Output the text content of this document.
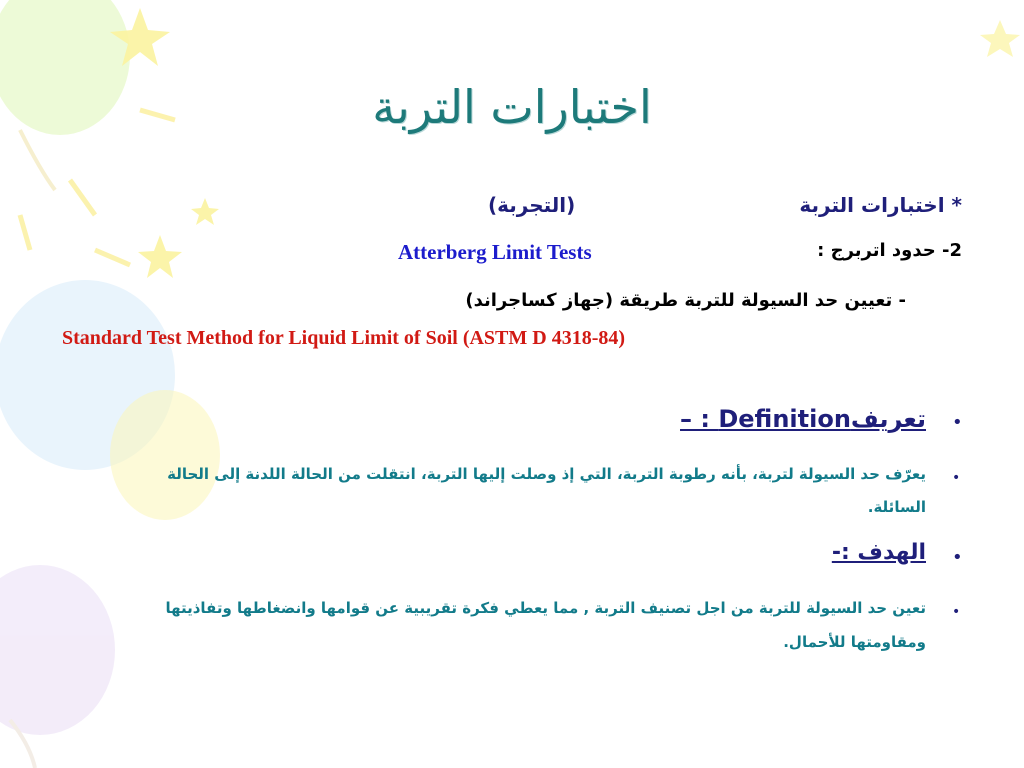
اختبارات التربة
* اختبارات التربة
(التجربة)
2- حدود اتربرج :
Atterberg Limit Tests
- تعيين حد السيولة للتربة طريقة (جهاز كساجراند)
Standard Test Method for Liquid Limit of Soil (ASTM D 4318-84)
•
تعريفDefinition : –
•
يعرّف حد السيولة لتربة، بأنه رطوبة التربة، التي إذ وصلت إليها التربة، انتقلت من الحالة اللدنة إلى الحالة
السائلة.
•
الهدف :-
•
تعين حد السيولة للتربة من اجل تصنيف التربة , مما يعطي فكرة تقريبية عن قوامها وانضغاطها وتفاذيتها
ومقاومتها للأحمال.
